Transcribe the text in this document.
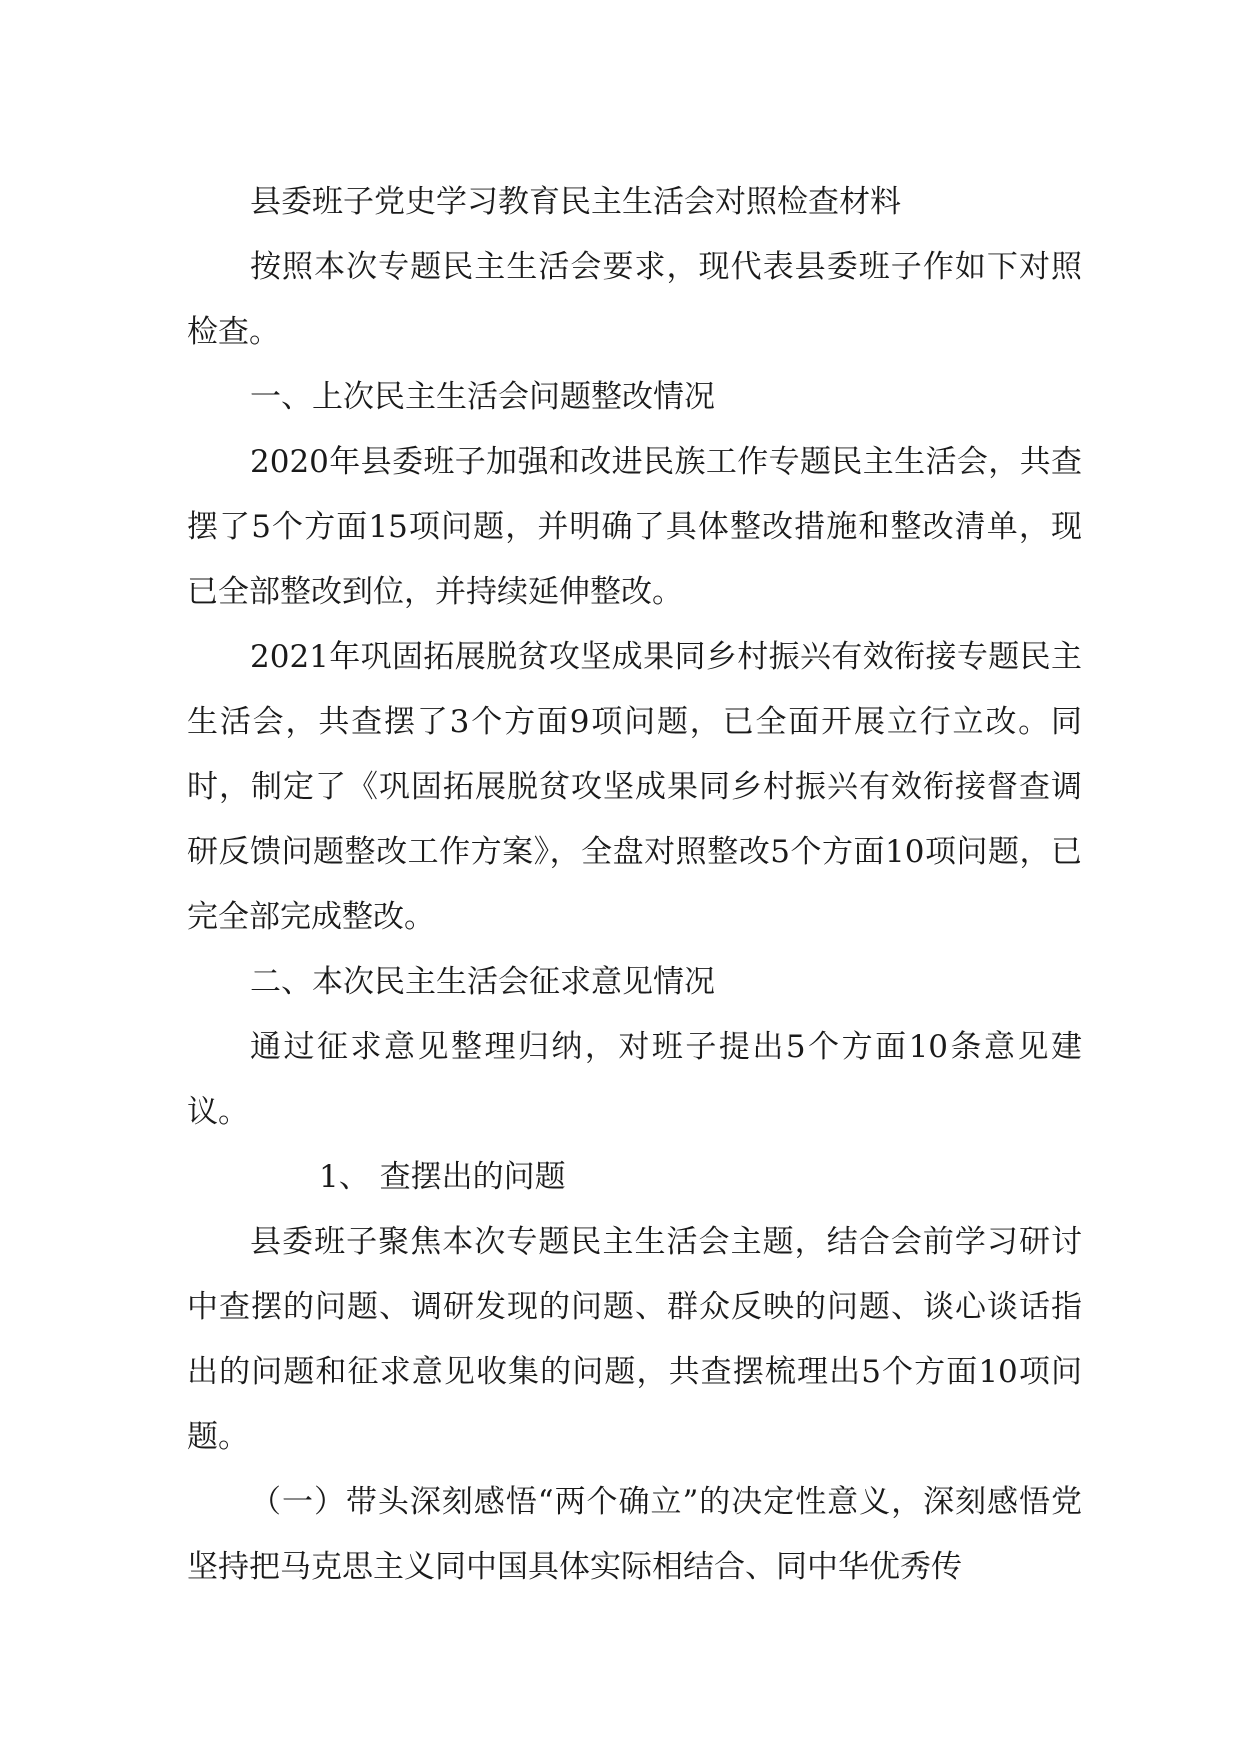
县委班子党史学习教育民主生活会对照检查材料

按照本次专题民主生活会要求，现代表县委班子作如下对照检查。

一、上次民主生活会问题整改情况

2020年县委班子加强和改进民族工作专题民主生活会，共查摆了5个方面15项问题，并明确了具体整改措施和整改清单，现已全部整改到位，并持续延伸整改。

2021年巩固拓展脱贫攻坚成果同乡村振兴有效衔接专题民主生活会，共查摆了3个方面9项问题，已全面开展立行立改。同时，制定了《巩固拓展脱贫攻坚成果同乡村振兴有效衔接督查调研反馈问题整改工作方案》，全盘对照整改5个方面10项问题，已完全部完成整改。

二、本次民主生活会征求意见情况

通过征求意见整理归纳，对班子提出5个方面10条意见建议。

1、 查摆出的问题

县委班子聚焦本次专题民主生活会主题，结合会前学习研讨中查摆的问题、调研发现的问题、群众反映的问题、谈心谈话指出的问题和征求意见收集的问题，共查摆梳理出5个方面10项问题。

（一）带头深刻感悟“两个确立”的决定性意义，深刻感悟党坚持把马克思主义同中国具体实际相结合、同中华优秀传
